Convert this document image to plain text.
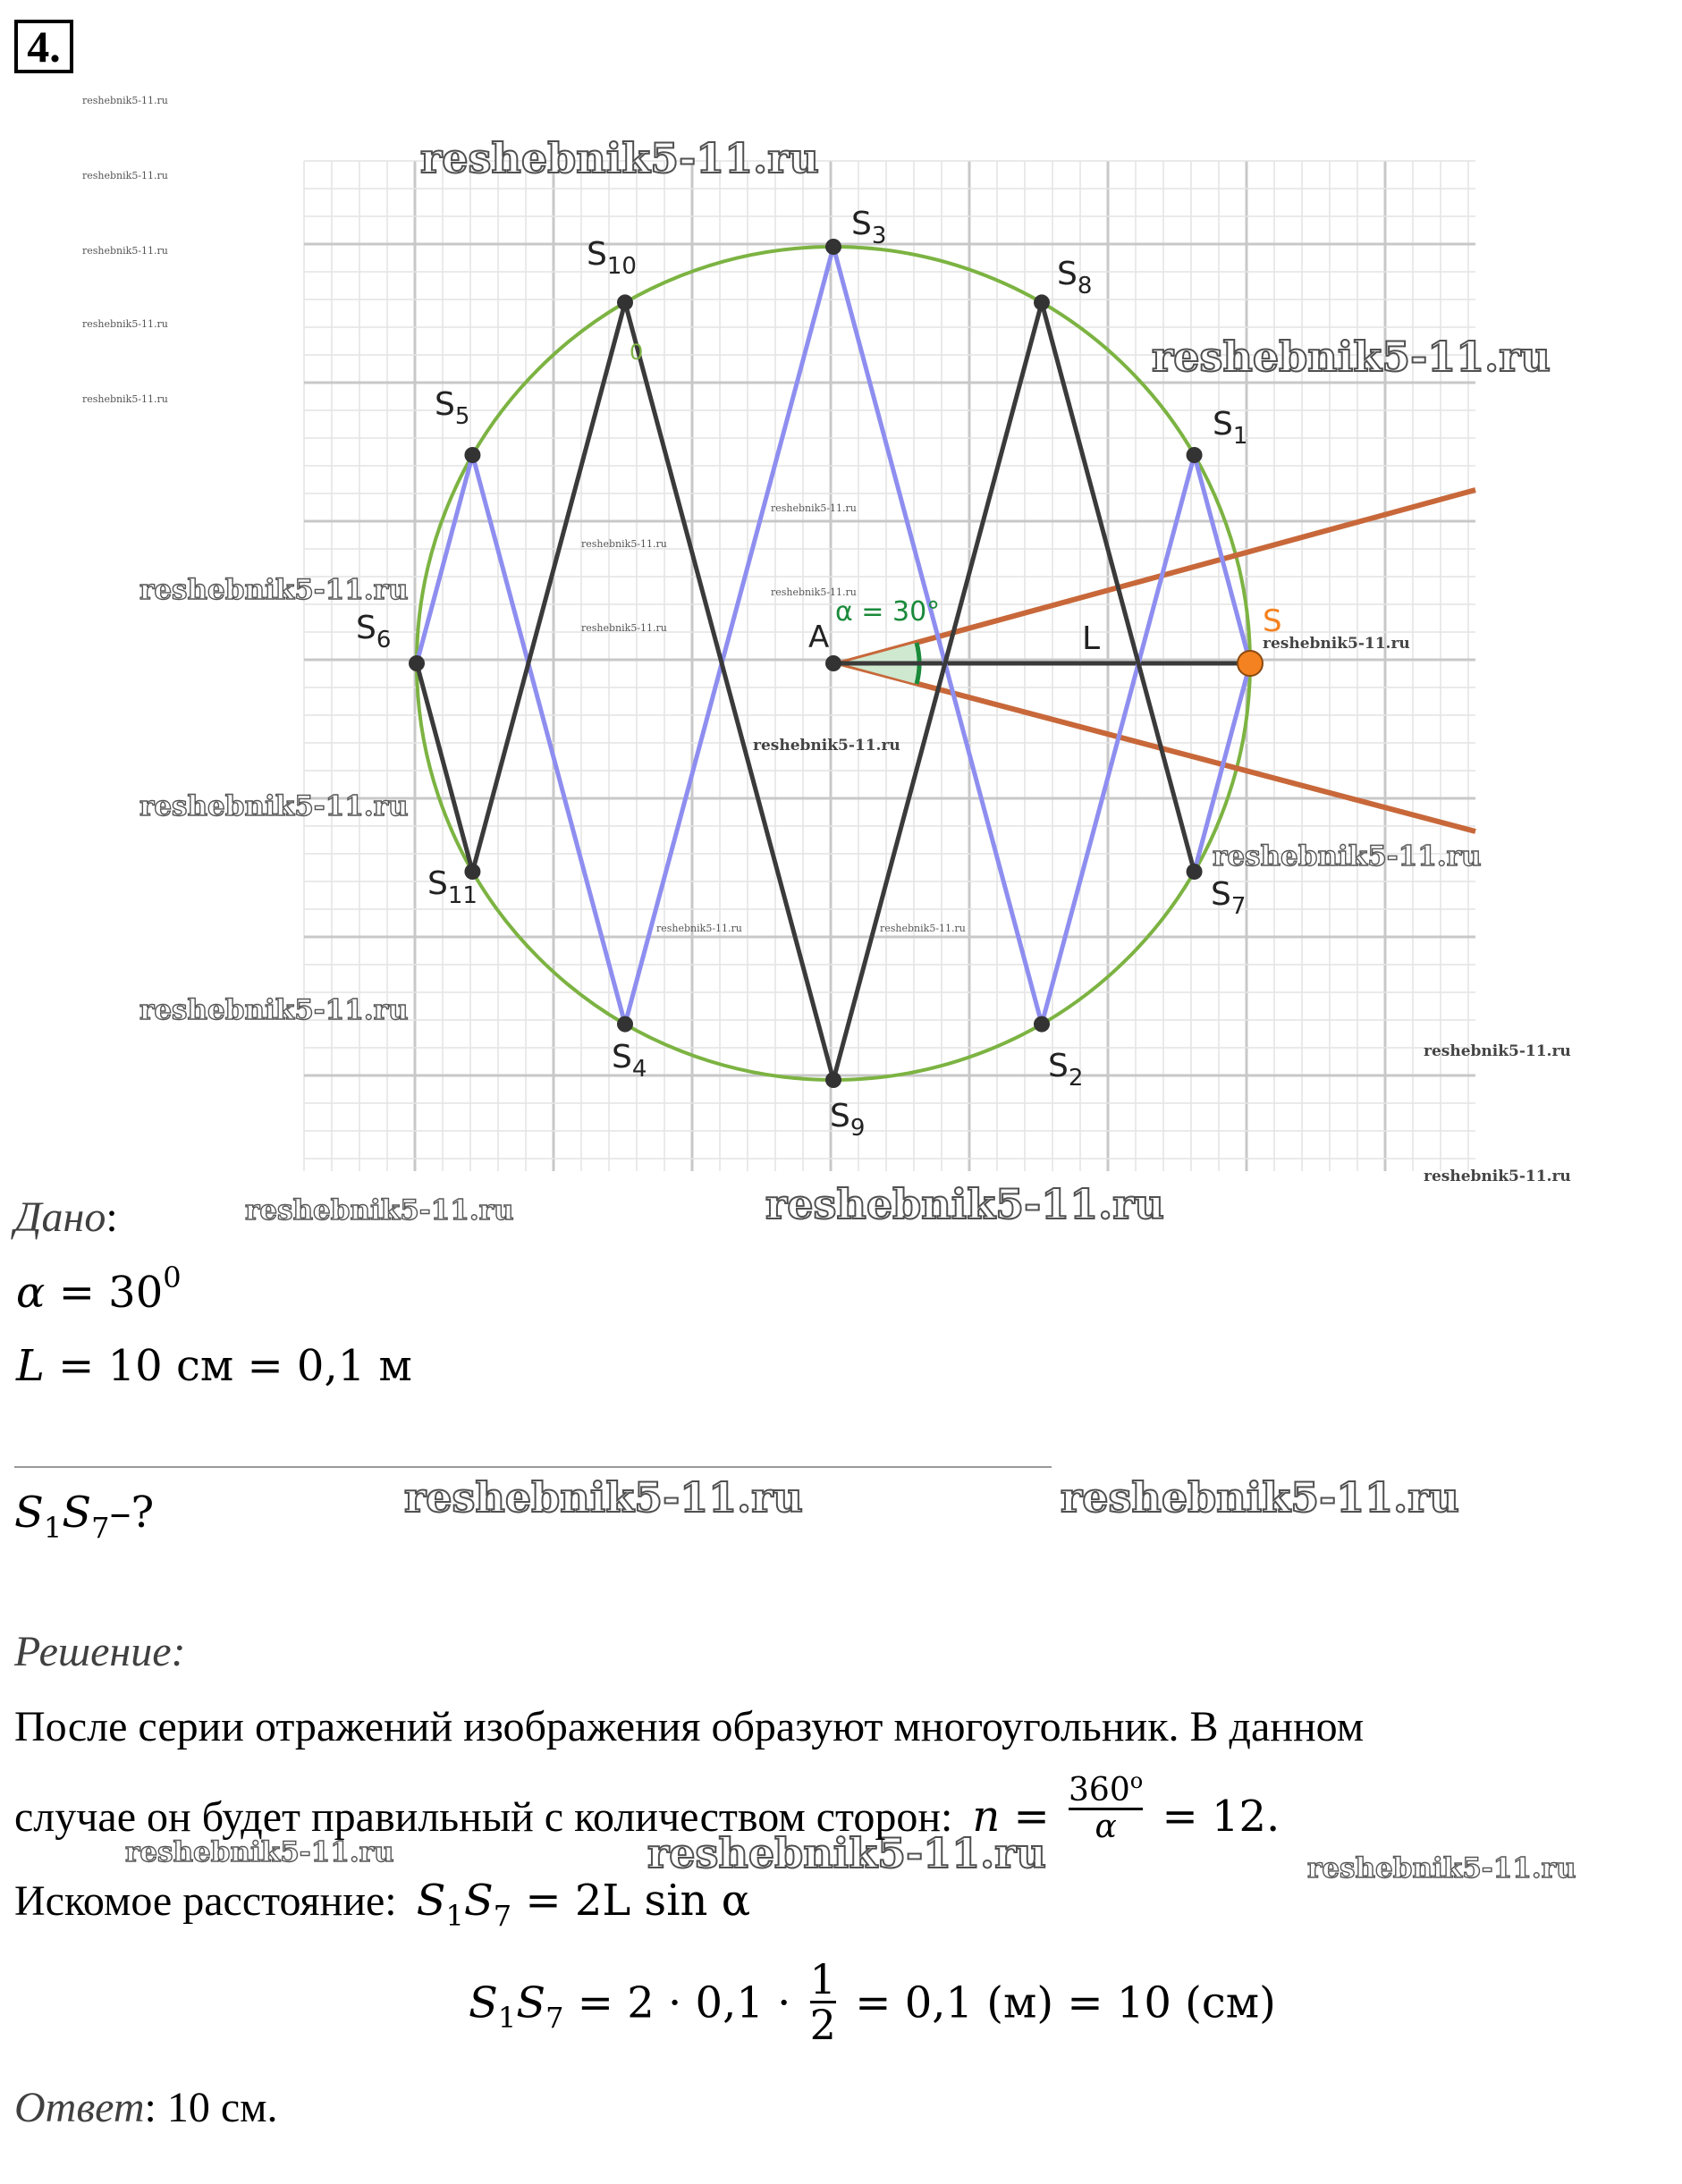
4.
$S_3$
$S_{10}$	$S_8$
$S_5$	$S_1$
$S_6$
S
A	L
$S_{11}$	$S_7$
$S_4$	$S_2$
$S_9$
α = 30°
0
reshebnik5-11.ru
reshebnik5-11.ru
reshebnik5-11.ru
reshebnik5-11.ru
reshebnik5-11.ru
reshebnik5-11.ru
reshebnik5-11.ru
reshebnik5-11.ru
reshebnik5-11.ru
reshebnik5-11.ru
reshebnik5-11.ru
reshebnik5-11.ru
reshebnik5-11.ru
reshebnik5-11.ru
reshebnik5-11.ru
reshebnik5-11.ru
reshebnik5-11.ru
reshebnik5-11.ru
reshebnik5-11.ru
reshebnik5-11.ru	reshebnik5-11.ru
reshebnik5-11.ru	reshebnik5-11.ru
reshebnik5-11.ru	reshebnik5-11.ru
reshebnik5-11.ru	reshebnik5-11.ru	reshebnik5-11.ru
Дано:
$\alpha = 30^0$
L = 10 см = 0,1 м
$S_1S_7-$?
Решение:
После серии отражений изображения образуют многоугольник. В данном
случае он будет правильный с количеством сторон: $n = \frac{360^o}{\alpha} = 12$.
Искомое расстояние: $S_1S_7 = 2L$ sin α
$S_1S_7 = 2 \cdot 0,1 \cdot \frac{1}{2} = 0,1$ (м) = 10 (см)
Ответ: 10 см.
